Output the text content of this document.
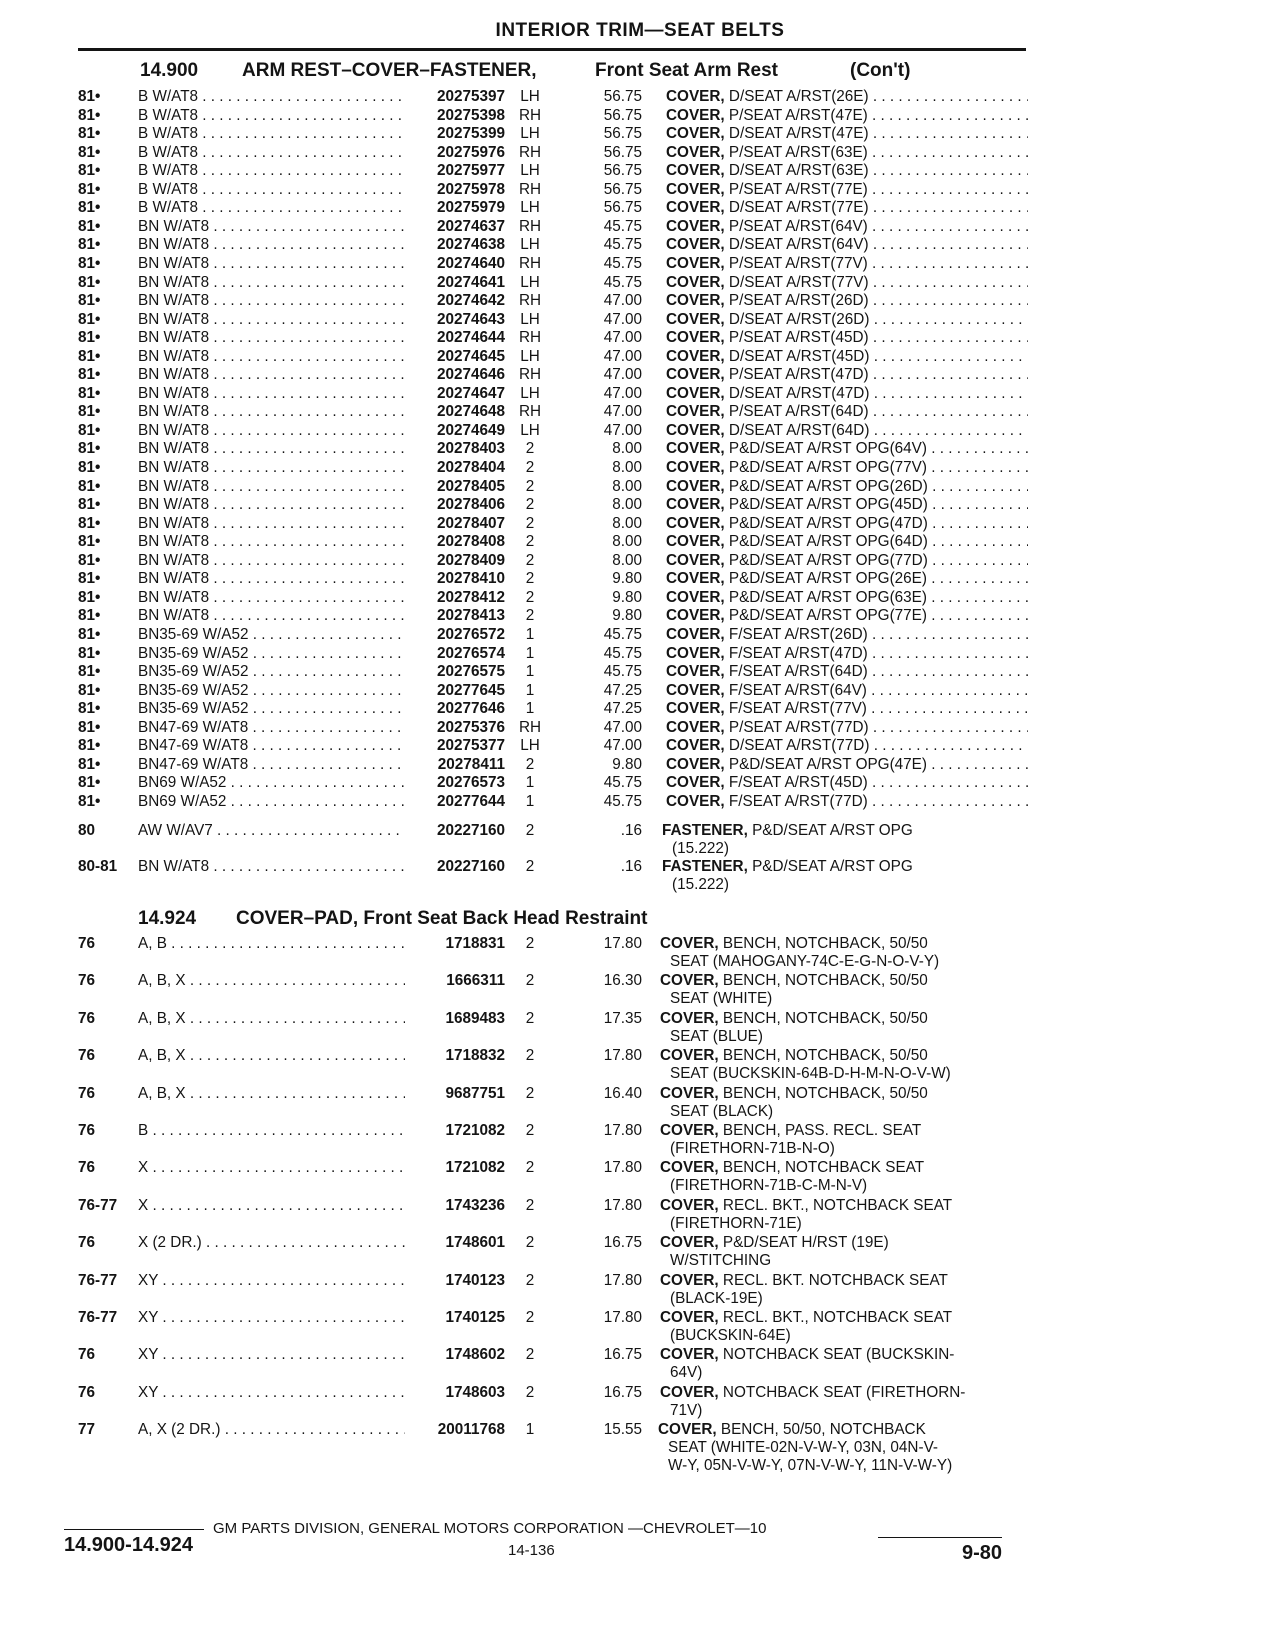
INTERIOR TRIM—SEAT BELTS
14.900 ARM REST–COVER–FASTENER,	Front Seat Arm Rest	(Con't)
81• B W/AT8 . . .	20275397 LH	56.75 COVER, D/SEAT A/RST(26E) . . .
81• B W/AT8 . . .	20275398 RH	56.75 COVER, P/SEAT A/RST(47E) . . .
81• B W/AT8 . . .	20275399 LH	56.75 COVER, D/SEAT A/RST(47E) . . .
81• B W/AT8 . . .	20275976 RH	56.75 COVER, P/SEAT A/RST(63E) . . .
81• B W/AT8 . . .	20275977 LH	56.75 COVER, D/SEAT A/RST(63E) . . .
81• B W/AT8 . . .	20275978 RH	56.75 COVER, P/SEAT A/RST(77E) . . .
81• B W/AT8 . . .	20275979 LH	56.75 COVER, D/SEAT A/RST(77E) . . .
81• BN W/AT8 . . .	20274637 RH	45.75 COVER, P/SEAT A/RST(64V) . . .
81• BN W/AT8 . . .	20274638 LH	45.75 COVER, D/SEAT A/RST(64V) . . .
81• BN W/AT8 . . .	20274640 RH	45.75 COVER, P/SEAT A/RST(77V) . . .
81• BN W/AT8 . . .	20274641 LH	45.75 COVER, D/SEAT A/RST(77V) . . .
81• BN W/AT8 . . .	20274642 RH	47.00 COVER, P/SEAT A/RST(26D) . . .
81• BN W/AT8 . . .	20274643 LH	47.00 COVER, D/SEAT A/RST(26D) . . .
81• BN W/AT8 . . .	20274644 RH	47.00 COVER, P/SEAT A/RST(45D) . . .
81• BN W/AT8 . . .	20274645 LH	47.00 COVER, D/SEAT A/RST(45D) . . .
81• BN W/AT8 . . .	20274646 RH	47.00 COVER, P/SEAT A/RST(47D) . . .
81• BN W/AT8 . . .	20274647 LH	47.00 COVER, D/SEAT A/RST(47D) . . .
81• BN W/AT8 . . .	20274648 RH	47.00 COVER, P/SEAT A/RST(64D) . . .
81• BN W/AT8 . . .	20274649 LH	47.00 COVER, D/SEAT A/RST(64D) . . .
81• BN W/AT8 . . .	20278403	2	8.00 COVER, P&D/SEAT A/RST OPG(64V) . . .
81• BN W/AT8 . . .	20278404	2	8.00 COVER, P&D/SEAT A/RST OPG(77V) . . .
81• BN W/AT8 . . .	20278405	2	8.00 COVER, P&D/SEAT A/RST OPG(26D) . . .
81• BN W/AT8 . . .	20278406	2	8.00 COVER, P&D/SEAT A/RST OPG(45D) . . .
81• BN W/AT8 . . .	20278407	2	8.00 COVER, P&D/SEAT A/RST OPG(47D) . . .
81• BN W/AT8 . . .	20278408	2	8.00 COVER, P&D/SEAT A/RST OPG(64D) . . .
81• BN W/AT8 . . .	20278409	2	8.00 COVER, P&D/SEAT A/RST OPG(77D) . . .
81• BN W/AT8 . . .	20278410	2	9.80 COVER, P&D/SEAT A/RST OPG(26E) . . .
81• BN W/AT8 . . .	20278412	2	9.80 COVER, P&D/SEAT A/RST OPG(63E) . . .
81• BN W/AT8 . . .	20278413	2	9.80 COVER, P&D/SEAT A/RST OPG(77E) . . .
81• BN35-69 W/A52 . . .	20276572	1	45.75 COVER, F/SEAT A/RST(26D) . . .
81• BN35-69 W/A52 . . .	20276574	1	45.75 COVER, F/SEAT A/RST(47D) . . .
81• BN35-69 W/A52 . . .	20276575	1	45.75 COVER, F/SEAT A/RST(64D) . . .
81• BN35-69 W/A52 . . .	20277645	1	47.25 COVER, F/SEAT A/RST(64V) . . .
81• BN35-69 W/A52 . . .	20277646	1	47.25 COVER, F/SEAT A/RST(77V) . . .
81• BN47-69 W/AT8 . . .	20275376 RH	47.00 COVER, P/SEAT A/RST(77D) . . .
81• BN47-69 W/AT8 . . .	20275377 LH	47.00 COVER, D/SEAT A/RST(77D) . . .
81• BN47-69 W/AT8 . . .	20278411	2	9.80 COVER, P&D/SEAT A/RST OPG(47E) . . .
81• BN69 W/A52 . . .	20276573	1	45.75 COVER, F/SEAT A/RST(45D) . . .
81• BN69 W/A52 . . .	20277644	1	45.75 COVER, F/SEAT A/RST(77D) . . .
80	AW W/AV7 . . .	20227160	2	.16 FASTENER, P&D/SEAT A/RST OPG
(15.222)
80-81 BN W/AT8 . . .	20227160	2	.16 FASTENER, P&D/SEAT A/RST OPG
(15.222)
14.924 COVER–PAD, Front Seat Back Head Restraint
76	A, B . . .	1718831	2	17.80 COVER, BENCH, NOTCHBACK, 50/50
SEAT (MAHOGANY-74C-E-G-N-O-V-Y)
76	A, B, X . . .	1666311	2	16.30 COVER, BENCH, NOTCHBACK, 50/50
SEAT (WHITE)
76	A, B, X . . .	1689483	2	17.35 COVER, BENCH, NOTCHBACK, 50/50
SEAT (BLUE)
76	A, B, X . . .	1718832	2	17.80 COVER, BENCH, NOTCHBACK, 50/50
SEAT (BUCKSKIN-64B-D-H-M-N-O-V-W)
76	A, B, X . . .	9687751	2	16.40 COVER, BENCH, NOTCHBACK, 50/50
SEAT (BLACK)
76	B . . .	1721082	2	17.80 COVER, BENCH, PASS. RECL. SEAT
(FIRETHORN-71B-N-O)
76	X . . .	1721082	2	17.80 COVER, BENCH, NOTCHBACK SEAT
(FIRETHORN-71B-C-M-N-V)
76-77 X . . .	1743236	2	17.80 COVER, RECL. BKT., NOTCHBACK SEAT
(FIRETHORN-71E)
76	X (2 DR.) . . .	1748601	2	16.75 COVER, P&D/SEAT H/RST (19E)
W/STITCHING
76-77 XY . . .	1740123	2	17.80 COVER, RECL. BKT. NOTCHBACK SEAT
(BLACK-19E)
76-77 XY . . .	1740125	2	17.80 COVER, RECL. BKT., NOTCHBACK SEAT
(BUCKSKIN-64E)
76	XY . . .	1748602	2	16.75 COVER, NOTCHBACK SEAT (BUCKSKIN-
64V)
76	XY . . .	1748603	2	16.75 COVER, NOTCHBACK SEAT (FIRETHORN-
71V)
77	A, X (2 DR.) . . .	20011768	1	15.55 COVER, BENCH, 50/50, NOTCHBACK
SEAT (WHITE-02N-V-W-Y, 03N, 04N-V-
W-Y, 05N-V-W-Y, 07N-V-W-Y, 11N-V-W-Y)
GM PARTS DIVISION, GENERAL MOTORS CORPORATION —CHEVROLET—10
14.900-14.924	14-136	9-80
